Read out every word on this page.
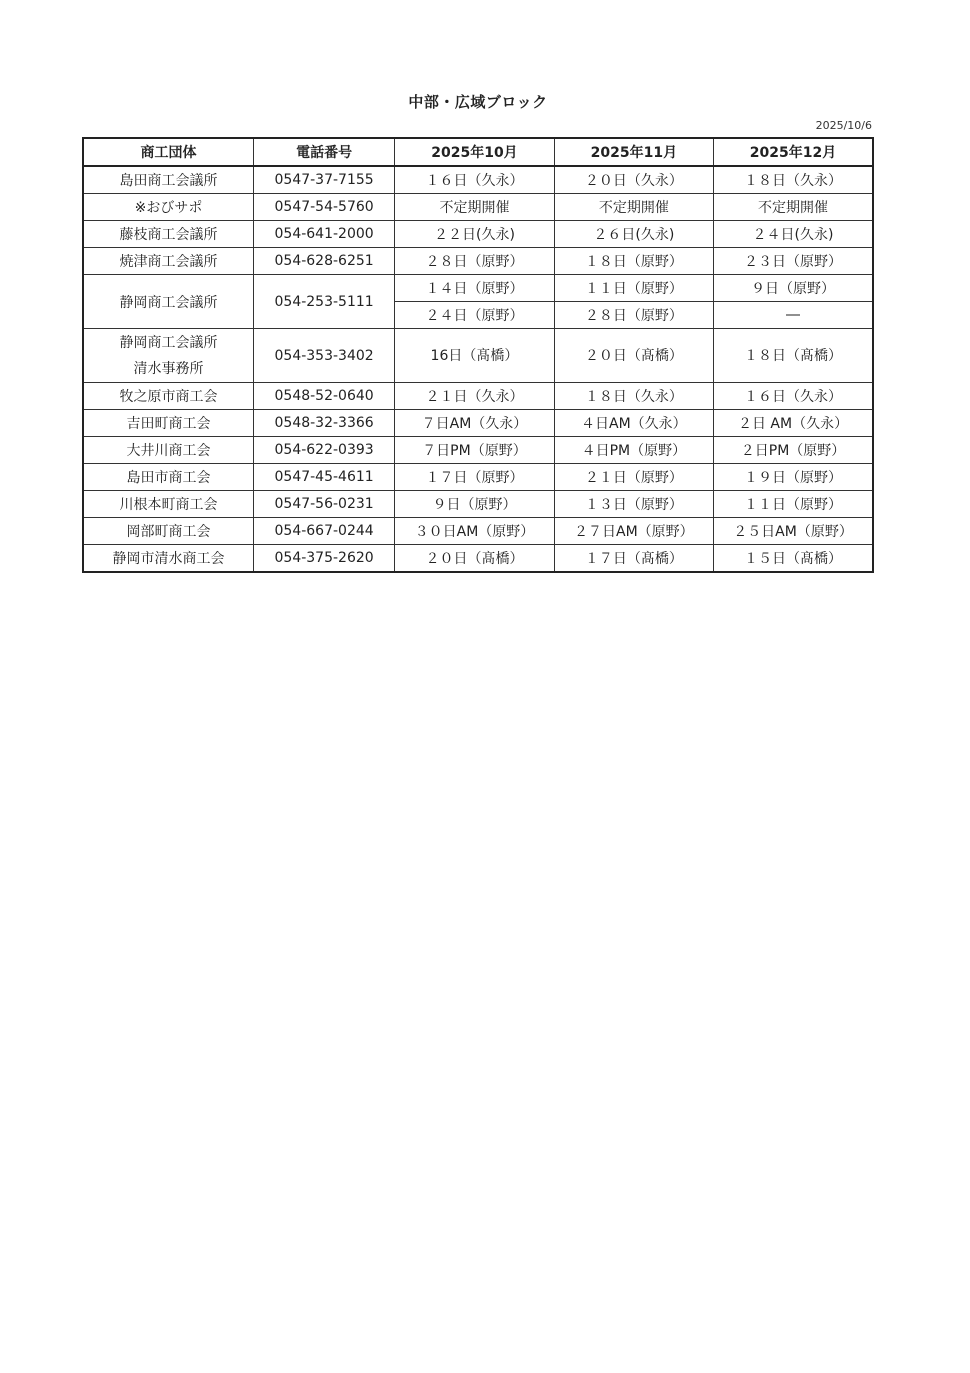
中部・広域ブロック
2025/10/6
商工団体	電話番号	2025年10月	2025年11月	2025年12月
島田商工会議所	0547-37-7155	１６日（久永）	２０日（久永）	１８日（久永）
※おびサポ	0547-54-5760	不定期開催	不定期開催	不定期開催
藤枝商工会議所	054-641-2000	２２日(久永)	２６日(久永)	２４日(久永)
焼津商工会議所	054-628-6251	２８日（原野）	１８日（原野）	２３日（原野）
静岡商工会議所	054-253-5111	１４日（原野）	１１日（原野）	９日（原野）
		２４日（原野）	２８日（原野）	―

静岡商工会議所
清水事務所	054-353-3402	16日（髙橋）	２０日（髙橋）	１８日（髙橋）
牧之原市商工会	0548-52-0640	２１日（久永）	１８日（久永）	１６日（久永）
吉田町商工会	0548-32-3366	７日AM（久永）	４日AM（久永）	２日 AM（久永）
大井川商工会	054-622-0393	７日PM（原野）	４日PM（原野）	２日PM（原野）
島田市商工会	0547-45-4611	１７日（原野）	２１日（原野）	１９日（原野）
川根本町商工会	0547-56-0231	９日（原野）	１３日（原野）	１１日（原野）
岡部町商工会	054-667-0244	３０日AM（原野）	２７日AM（原野）	２５日AM（原野）
静岡市清水商工会	054-375-2620	２０日（髙橋）	１７日（髙橋）	１５日（髙橋）
